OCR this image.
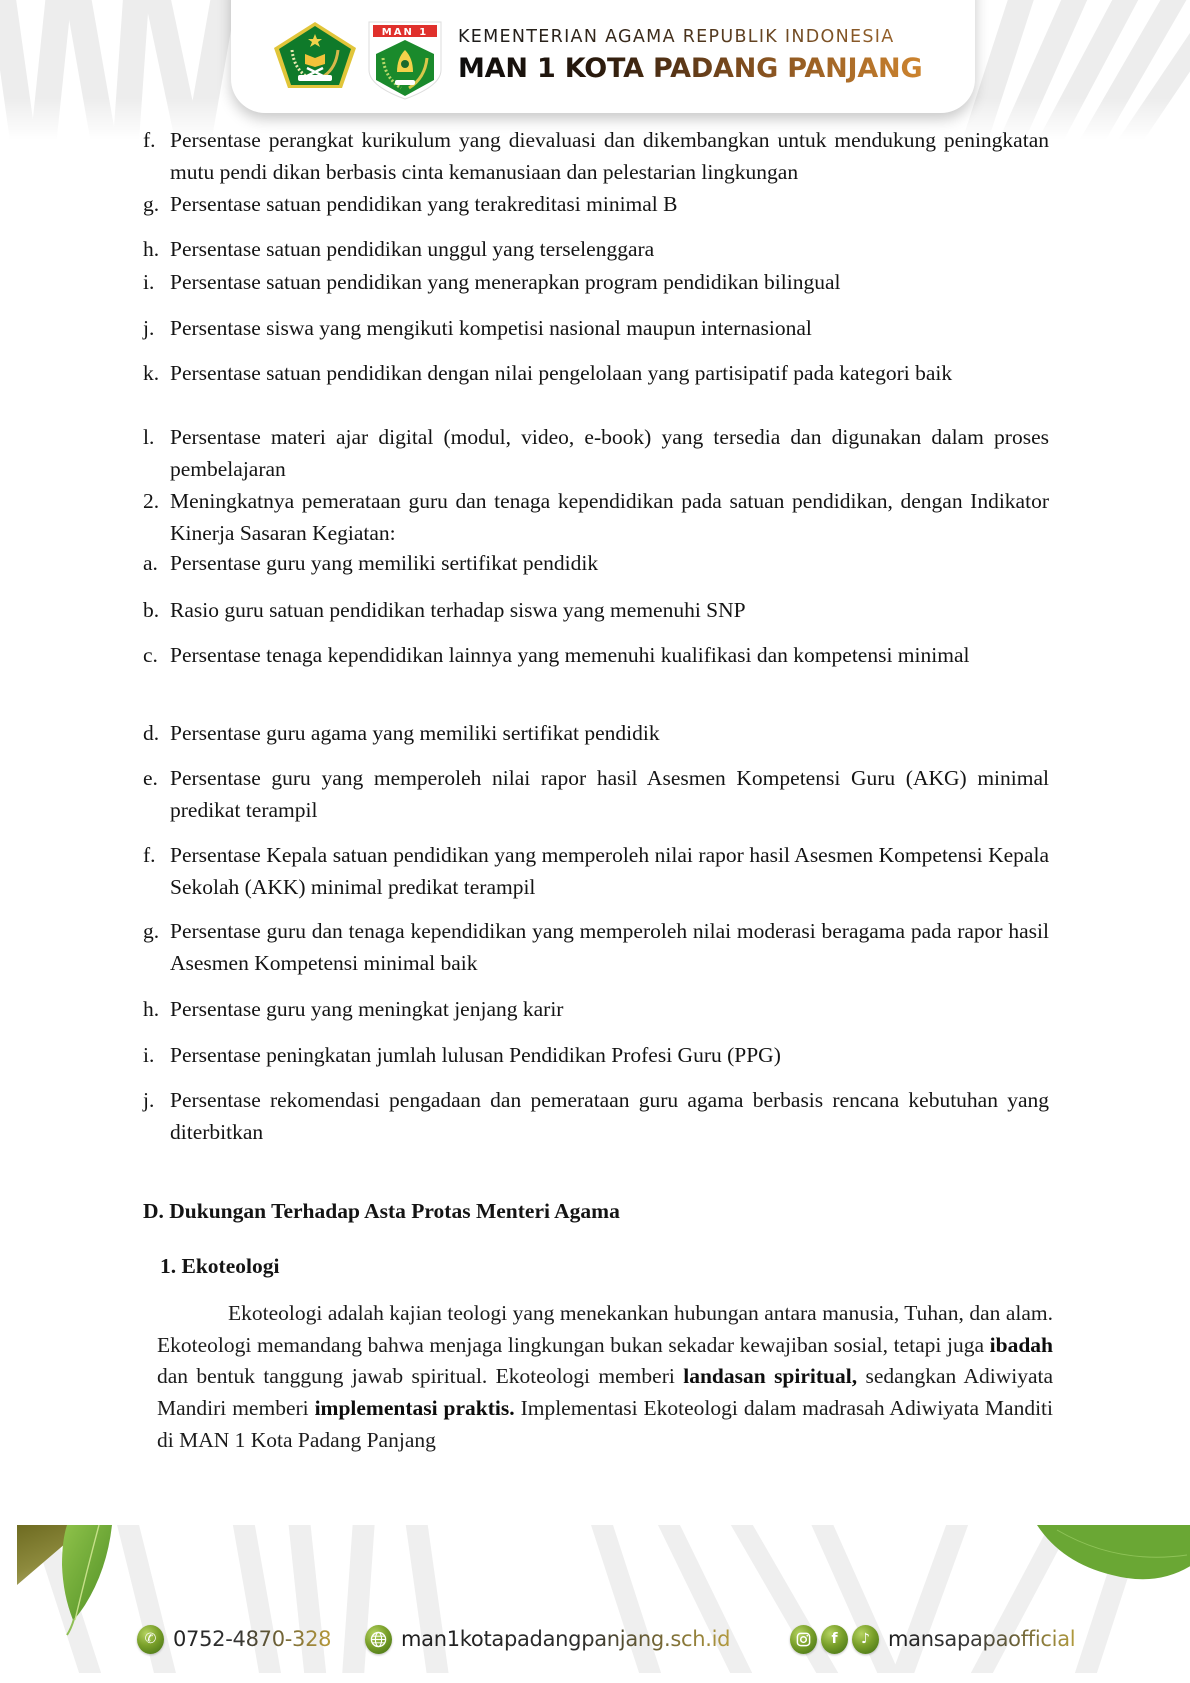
MAN 1 KEMENTERIAN AGAMA REPUBLIK INDONESIA
MAN 1 KOTA PADANG PANJANG
f. Persentase perangkat kurikulum yang dievaluasi dan dikembangkan untuk mendukung peningkatan mutu pendi dikan berbasis cinta kemanusiaan dan pelestarian lingkungan
g. Persentase satuan pendidikan yang terakreditasi minimal B
h. Persentase satuan pendidikan unggul yang terselenggara
i. Persentase satuan pendidikan yang menerapkan program pendidikan bilingual
j. Persentase siswa yang mengikuti kompetisi nasional maupun internasional
k. Persentase satuan pendidikan dengan nilai pengelolaan yang partisipatif pada kategori baik
l. Persentase materi ajar digital (modul, video, e-book) yang tersedia dan digunakan dalam proses pembelajaran
2. Meningkatnya pemerataan guru dan tenaga kependidikan pada satuan pendidikan, dengan Indikator Kinerja Sasaran Kegiatan:
a. Persentase guru yang memiliki sertifikat pendidik
b. Rasio guru satuan pendidikan terhadap siswa yang memenuhi SNP
c. Persentase tenaga kependidikan lainnya yang memenuhi kualifikasi dan kompetensi minimal
d. Persentase guru agama yang memiliki sertifikat pendidik
e. Persentase guru yang memperoleh nilai rapor hasil Asesmen Kompetensi Guru (AKG) minimal predikat terampil
f. Persentase Kepala satuan pendidikan yang memperoleh nilai rapor hasil Asesmen Kompetensi Kepala Sekolah (AKK) minimal predikat terampil
g. Persentase guru dan tenaga kependidikan yang memperoleh nilai moderasi beragama pada rapor hasil Asesmen Kompetensi minimal baik
h. Persentase guru yang meningkat jenjang karir
i. Persentase peningkatan jumlah lulusan Pendidikan Profesi Guru (PPG)
j. Persentase rekomendasi pengadaan dan pemerataan guru agama berbasis rencana kebutuhan yang diterbitkan
D. Dukungan Terhadap Asta Protas Menteri Agama
1. Ekoteologi
Ekoteologi adalah kajian teologi yang menekankan hubungan antara manusia, Tuhan, dan alam. Ekoteologi memandang bahwa menjaga lingkungan bukan sekadar kewajiban sosial, tetapi juga ibadah dan bentuk tanggung jawab spiritual. Ekoteologi memberi landasan spiritual, sedangkan Adiwiyata Mandiri memberi implementasi praktis. Implementasi Ekoteologi dalam madrasah Adiwiyata Manditi di MAN 1 Kota Padang Panjang
✆ 0752-4870-328	man1kotapadangpanjang.sch.id	f	♪ mansapapaofficial
